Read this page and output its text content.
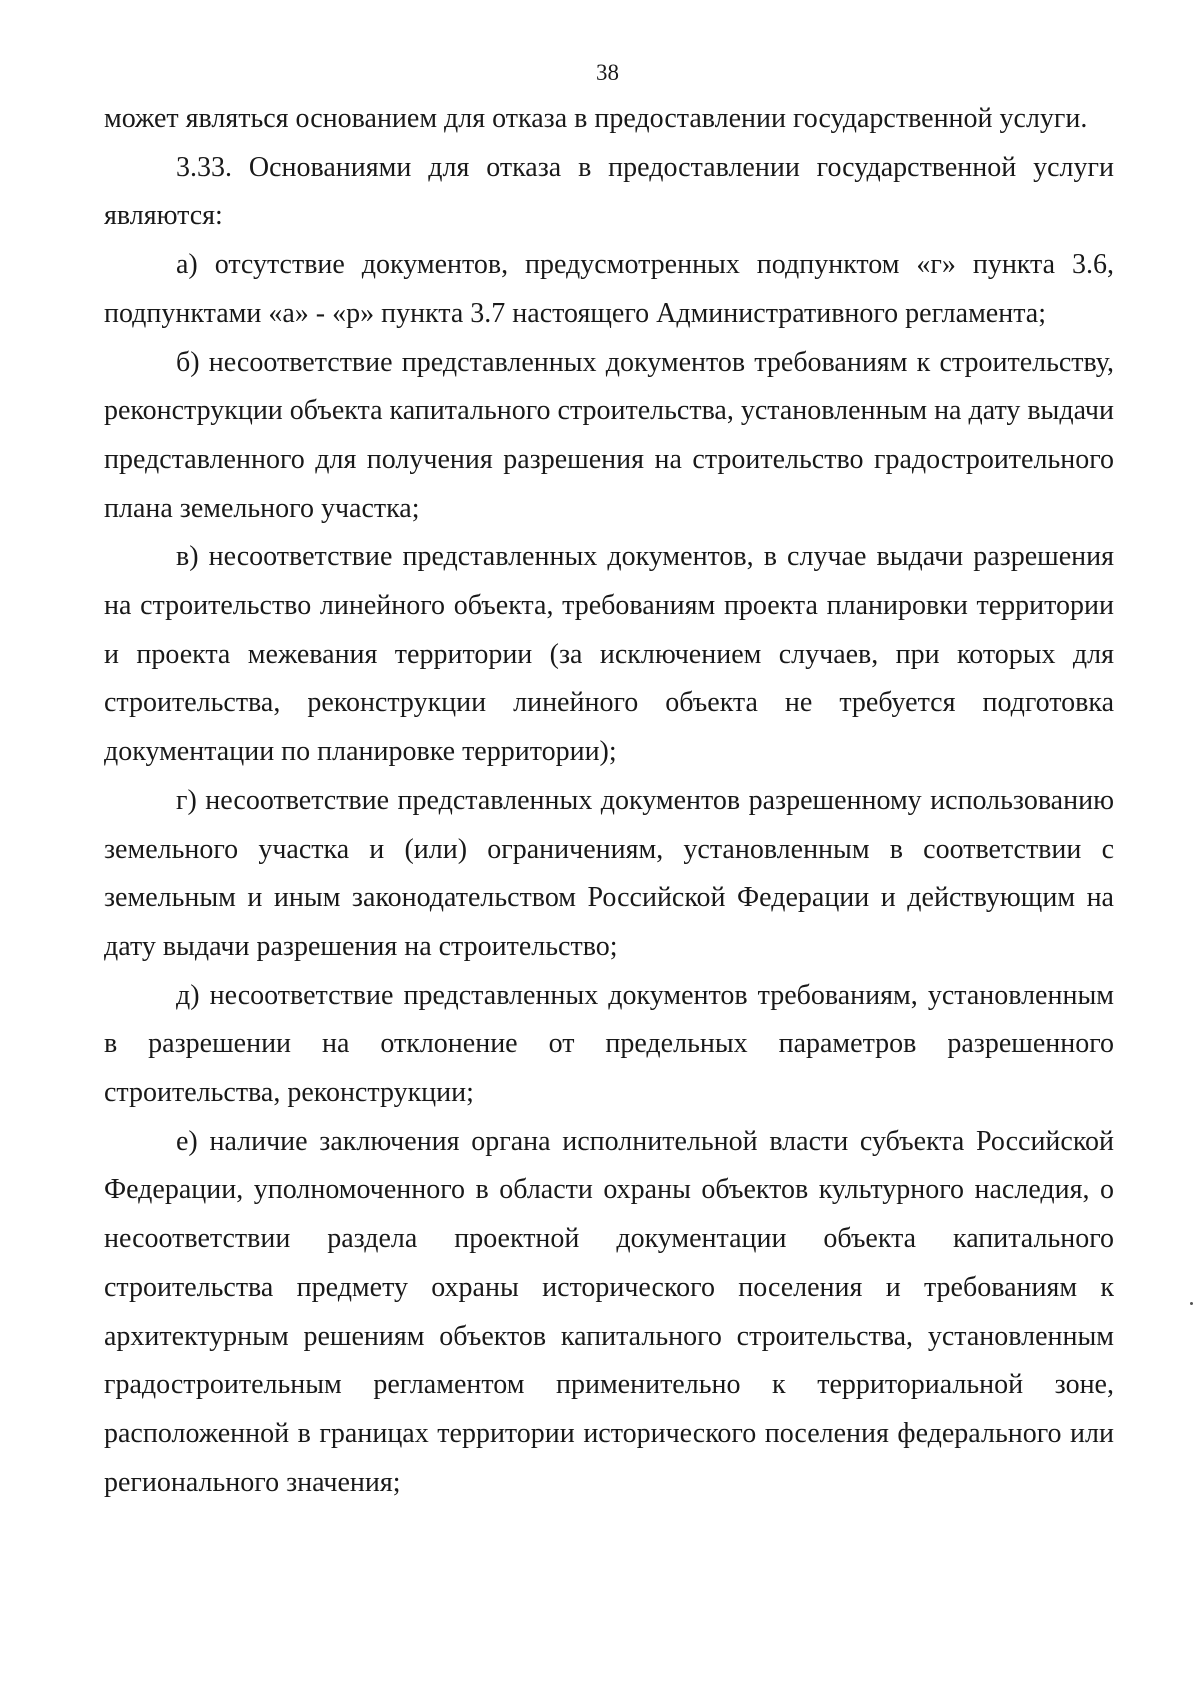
38

может являться основанием для отказа в предоставлении государственной услуги.

3.33. Основаниями для отказа в предоставлении государственной услуги являются:

а) отсутствие документов, предусмотренных подпунктом «г» пункта 3.6, подпунктами «а» - «р» пункта 3.7 настоящего Административного регламента;

б) несоответствие представленных документов требованиям к строительству, реконструкции объекта капитального строительства, установленным на дату выдачи представленного для получения разрешения на строительство градостроительного плана земельного участка;

в) несоответствие представленных документов, в случае выдачи разрешения на строительство линейного объекта, требованиям проекта планировки территории и проекта межевания территории (за исключением случаев, при которых для строительства, реконструкции линейного объекта не требуется подготовка документации по планировке территории);

г) несоответствие представленных документов разрешенному использованию земельного участка и (или) ограничениям, установленным в соответствии с земельным и иным законодательством Российской Федерации и действующим на дату выдачи разрешения на строительство;

д) несоответствие представленных документов требованиям, установленным в разрешении на отклонение от предельных параметров разрешенного строительства, реконструкции;

е) наличие заключения органа исполнительной власти субъекта Российской Федерации, уполномоченного в области охраны объектов культурного наследия, о несоответствии раздела проектной документации объекта капитального строительства предмету охраны исторического поселения и требованиям к архитектурным решениям объектов капитального строительства, установленным градостроительным регламентом применительно к территориальной зоне, расположенной в границах территории исторического поселения федерального или регионального значения;
